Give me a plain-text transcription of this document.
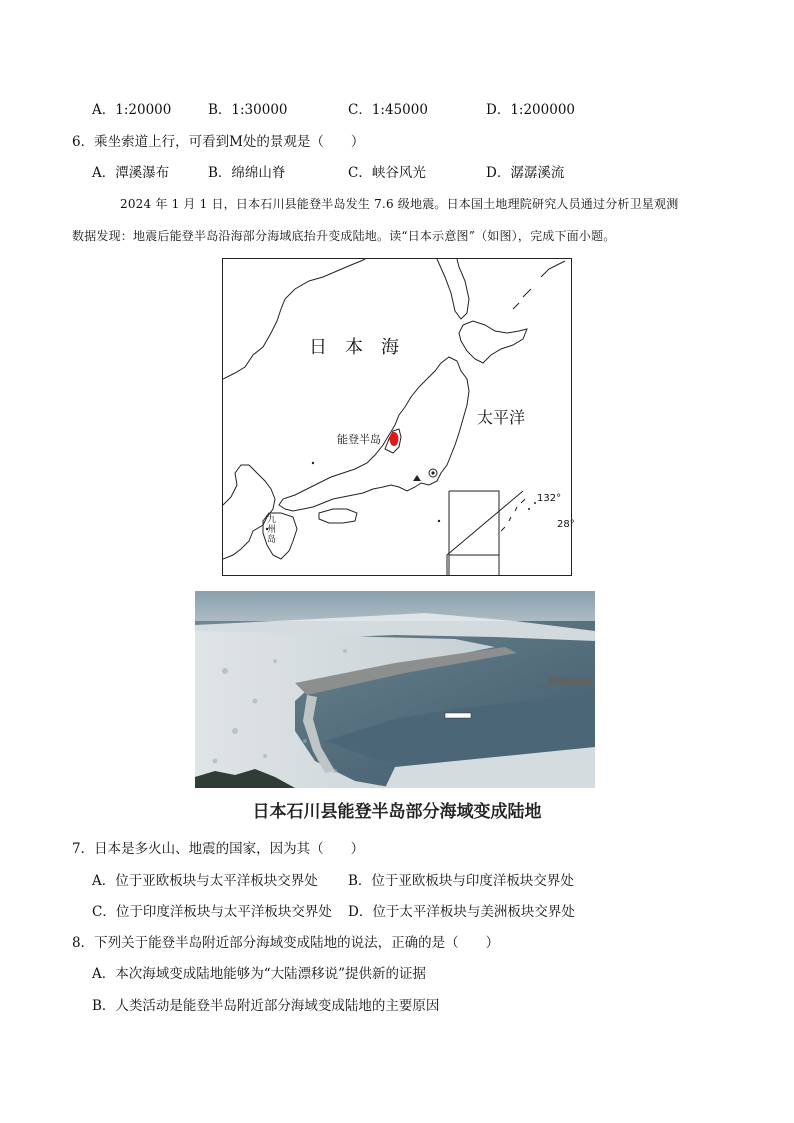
A．1:20000	B．1:30000	C．1:45000	D．1:200000
6．乘坐索道上行，可看到M处的景观是（　　）
A．潭溪瀑布	B．绵绵山脊	C．峡谷风光	D．潺潺溪流
2024 年 1 月 1 日，日本石川县能登半岛发生 7.6 级地震。日本国土地理院研究人员通过分析卫星观测
数据发现：地震后能登半岛沿海部分海域底抬升变成陆地。读“日本示意图”（如图），完成下面小题。
日　本　海
太平洋
能登半岛
九州岛
132°
28°
日本石川县能登半岛部分海域变成陆地
7．日本是多火山、地震的国家，因为其（　　）
A．位于亚欧板块与太平洋板块交界处 B．位于亚欧板块与印度洋板块交界处
C．位于印度洋板块与太平洋板块交界处 D．位于太平洋板块与美洲板块交界处
8．下列关于能登半岛附近部分海域变成陆地的说法，正确的是（　　）
A．本次海域变成陆地能够为“大陆漂移说”提供新的证据
B．人类活动是能登半岛附近部分海域变成陆地的主要原因
